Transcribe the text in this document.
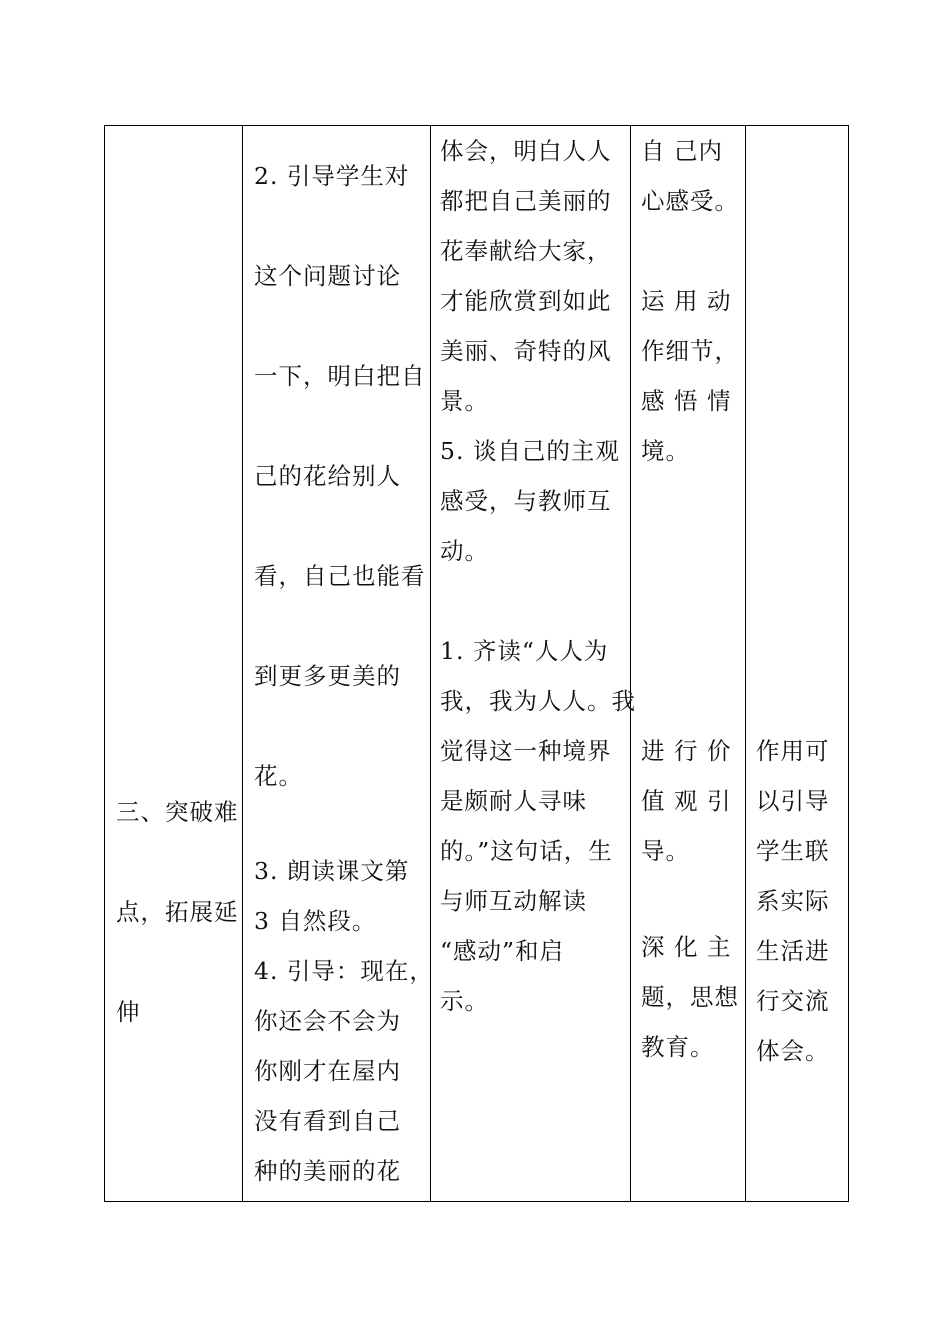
三、突破难

点，拓展延

伸

2. 引导学生对

这个问题讨论

一下，明白把自

己的花给别人

看，自己也能看

到更多更美的

花。

3. 朗读课文第

3 自然段。

4. 引导：现在，

你还会不会为

你刚才在屋内

没有看到自己

种的美丽的花

体会，明白人人

都把自己美丽的

花奉献给大家，

才能欣赏到如此

美丽、奇特的风

景。

5. 谈自己的主观

感受，与教师互

动。

1. 齐读“人人为

我，我为人人。我

觉得这一种境界

是颇耐人寻味

的。”这句话，生

与师互动解读

“感动”和启

示。

自 己内

心感受。

运 用 动

作细节，

感 悟 情

境。

进 行 价

值 观 引

导。

深 化 主

题，思想

教育。

作用可

以引导

学生联

系实际

生活进

行交流

体会。
